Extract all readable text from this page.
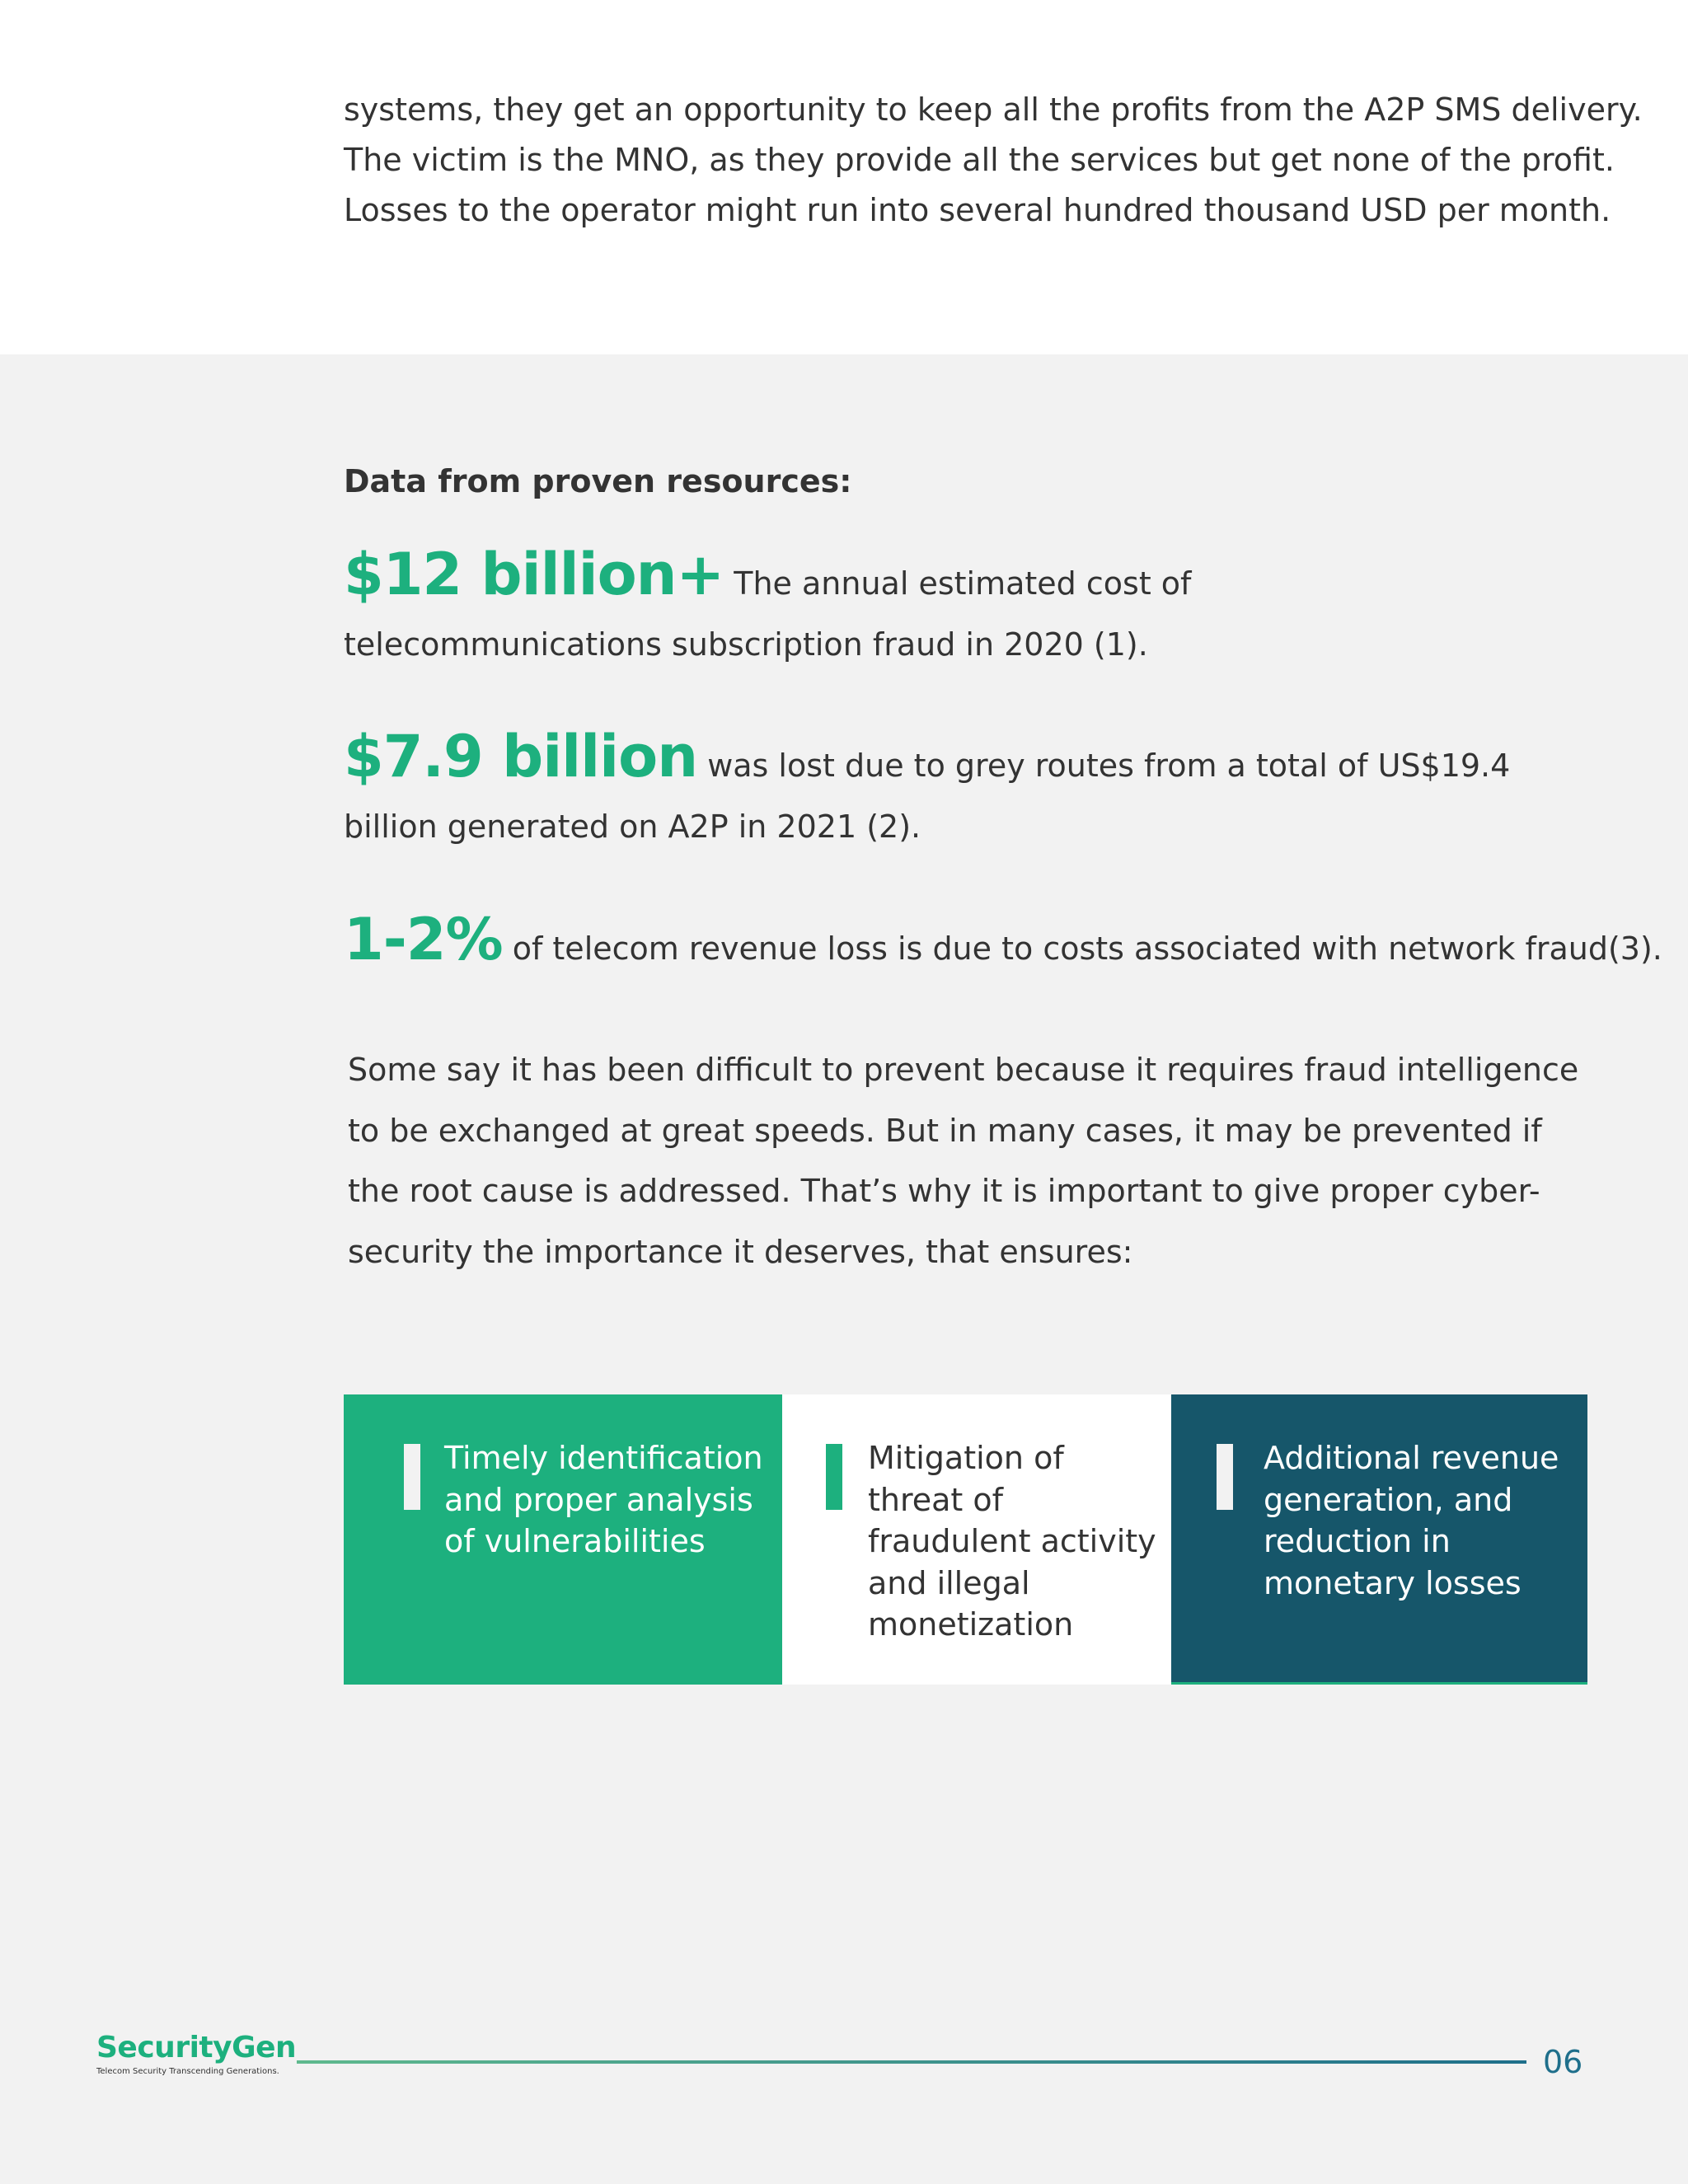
systems, they get an opportunity to keep all the profits from the A2P SMS delivery.

The victim is the MNO, as they provide all the services but get none of the profit.

Losses to the operator might run into several hundred thousand USD per month.

Data from proven resources:
$12 billion+ The annual estimated cost of telecommunications subscription fraud in 2020 (1).
$7.9 billion was lost due to grey routes from a total of US$19.4 billion generated on A2P in 2021 (2).
1-2% of telecom revenue loss is due to costs associated with network fraud(3).

Some say it has been difficult to prevent because it requires fraud intelligence to be exchanged at great speeds. But in many cases, it may be prevented if the root cause is addressed. That’s why it is important to give proper cyber-security the importance it deserves, that ensures:

Timely identification and proper analysis of vulnerabilities
Mitigation of threat of fraudulent activity and illegal monetization
Additional revenue generation, and reduction in monetary losses
SecurityGen
Telecom Security Transcending Generations.	06
